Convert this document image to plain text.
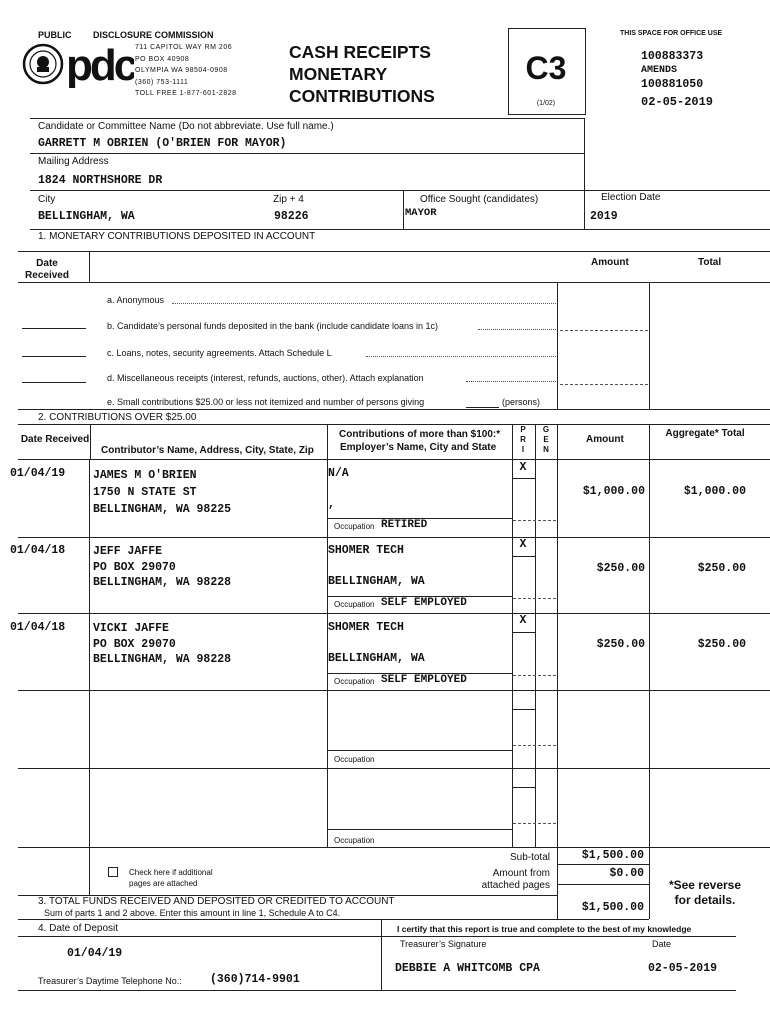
PUBLIC DISCLOSURE COMMISSION
pdc 711 CAPITOL WAY RM 206
PO BOX 40908
OLYMPIA WA 98504-0908
(360) 753-1111
TOLL FREE 1-877-601-2828
CASH RECEIPTS
MONETARY
CONTRIBUTIONS
C3
(1/02)
THIS SPACE FOR OFFICE USE
100883373
AMENDS
100881050
02-05-2019
Candidate or Committee Name (Do not abbreviate. Use full name.)
GARRETT M OBRIEN (O'BRIEN FOR MAYOR)
Mailing Address
1824 NORTHSHORE DR
City
BELLINGHAM, WA
Zip + 4
98226
Office Sought (candidates)
MAYOR
Election Date
2019
1. MONETARY CONTRIBUTIONS DEPOSITED IN ACCOUNT
Date Received
Amount	Total
a. Anonymous
b. Candidate’s personal funds deposited in the bank (include candidate loans in 1c)
c. Loans, notes, security agreements. Attach Schedule L
d. Miscellaneous receipts (interest, refunds, auctions, other). Attach explanation
e. Small contributions $25.00 or less not itemized and number of persons giving	(persons)
2. CONTRIBUTIONS OVER $25.00
Date Received
Contributor’s Name, Address, City, State, Zip
Contributions of more than $100:*
Employer’s Name, City and State
P R I
G E N
Amount
Aggregate* Total
01/04/19 JAMES M O'BRIEN
1750 N STATE ST
BELLINGHAM, WA 98225
N/A
,
Occupation RETIRED
X
$1,000.00	$1,000.00
01/04/18 JEFF JAFFE
PO BOX 29070
BELLINGHAM, WA 98228
SHOMER TECH
BELLINGHAM, WA
Occupation SELF EMPLOYED
X
$250.00	$250.00
01/04/18 VICKI JAFFE
PO BOX 29070
BELLINGHAM, WA 98228
SHOMER TECH
BELLINGHAM, WA
Occupation SELF EMPLOYED
X
$250.00	$250.00
Occupation
Occupation
Check here if additional
pages are attached
Sub-total	$1,500.00
Amount from
attached pages
$0.00
*See reverse
for details.
3. TOTAL FUNDS RECEIVED AND DEPOSITED OR CREDITED TO ACCOUNT
Sum of parts 1 and 2 above. Enter this amount in line 1, Schedule A to C4.	$1,500.00
4. Date of Deposit
01/04/19
Treasurer’s Daytime Telephone No.: (360)714-9901
I certify that this report is true and complete to the best of my knowledge
Treasurer’s Signature	Date
DEBBIE A WHITCOMB CPA	02-05-2019
